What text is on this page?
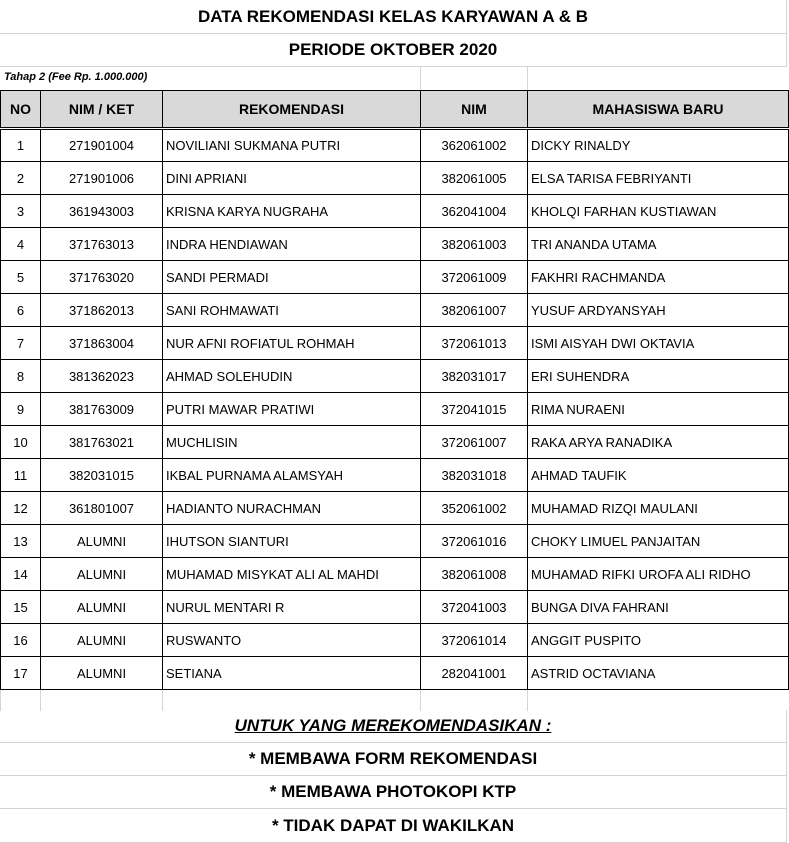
DATA REKOMENDASI KELAS KARYAWAN A & B
PERIODE OKTOBER 2020
Tahap 2 (Fee Rp. 1.000.000)
NO	NIM / KET	REKOMENDASI	NIM	MAHASISWA BARU
1	271901004	NOVILIANI SUKMANA PUTRI	362061002	DICKY RINALDY
2	271901006	DINI APRIANI	382061005	ELSA TARISA FEBRIYANTI
3	361943003	KRISNA KARYA NUGRAHA	362041004	KHOLQI FARHAN KUSTIAWAN
4	371763013	INDRA HENDIAWAN	382061003	TRI ANANDA UTAMA
5	371763020	SANDI PERMADI	372061009	FAKHRI RACHMANDA
6	371862013	SANI ROHMAWATI	382061007	YUSUF ARDYANSYAH
7	371863004	NUR AFNI ROFIATUL ROHMAH	372061013	ISMI AISYAH DWI OKTAVIA
8	381362023	AHMAD SOLEHUDIN	382031017	ERI SUHENDRA
9	381763009	PUTRI MAWAR PRATIWI	372041015	RIMA NURAENI
10	381763021	MUCHLISIN	372061007	RAKA ARYA RANADIKA
11	382031015	IKBAL PURNAMA ALAMSYAH	382031018	AHMAD TAUFIK
12	361801007	HADIANTO NURACHMAN	352061002	MUHAMAD RIZQI MAULANI
13	ALUMNI	IHUTSON SIANTURI	372061016	CHOKY LIMUEL PANJAITAN
14	ALUMNI	MUHAMAD MISYKAT ALI AL MAHDI	382061008	MUHAMAD RIFKI UROFA ALI RIDHO
15	ALUMNI	NURUL MENTARI R	372041003	BUNGA DIVA FAHRANI
16	ALUMNI	RUSWANTO	372061014	ANGGIT PUSPITO
17	ALUMNI	SETIANA	282041001	ASTRID OCTAVIANA

UNTUK YANG MEREKOMENDASIKAN :
* MEMBAWA FORM REKOMENDASI
* MEMBAWA PHOTOKOPI KTP
* TIDAK DAPAT DI WAKILKAN
